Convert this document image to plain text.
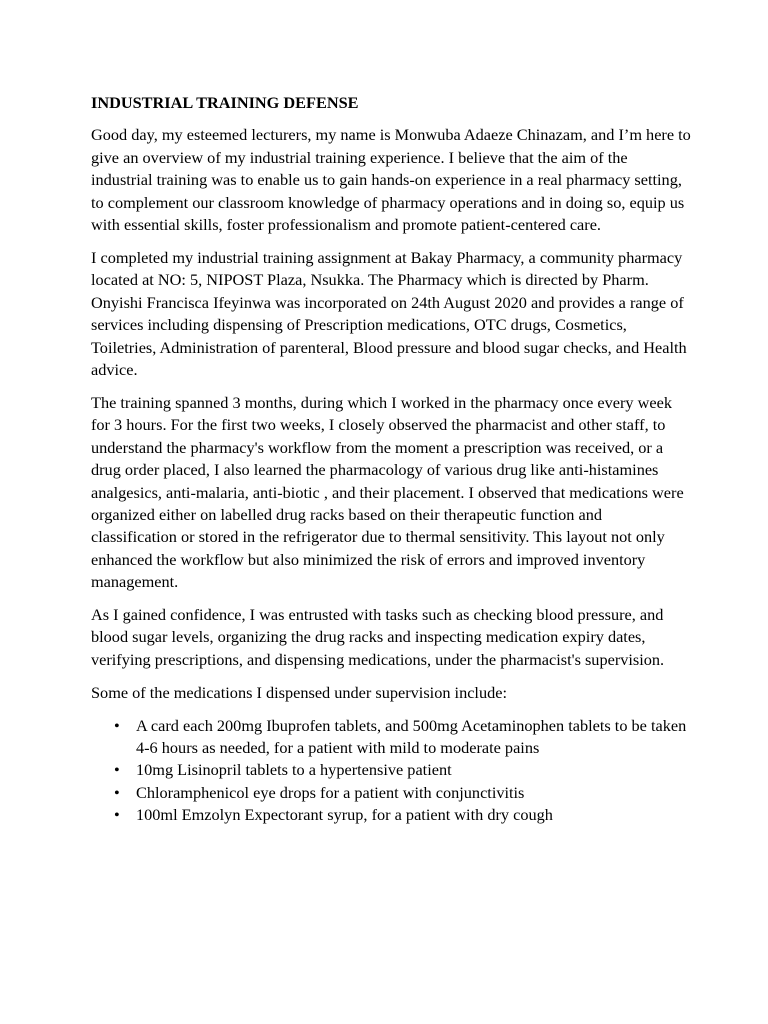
INDUSTRIAL TRAINING DEFENSE

Good day, my esteemed lecturers, my name is Monwuba Adaeze Chinazam, and I’m here to give an overview of my industrial training experience. I believe that the aim of the industrial training was to enable us to gain hands-on experience in a real pharmacy setting, to complement our classroom knowledge of pharmacy operations and in doing so, equip us with essential skills, foster professionalism and promote patient-centered care.

I completed my industrial training assignment at Bakay Pharmacy, a community pharmacy located at NO: 5, NIPOST Plaza, Nsukka. The Pharmacy which is directed by Pharm. Onyishi Francisca Ifeyinwa was incorporated on 24th August 2020 and provides a range of services including dispensing of Prescription medications, OTC drugs, Cosmetics, Toiletries, Administration of parenteral, Blood pressure and blood sugar checks, and Health advice.

The training spanned 3 months, during which I worked in the pharmacy once every week for 3 hours. For the first two weeks, I closely observed the pharmacist and other staff, to understand the pharmacy's workflow from the moment a prescription was received, or a drug order placed, I also learned the pharmacology of various drug like anti-histamines analgesics, anti-malaria, anti-biotic , and their placement. I observed that medications were organized either on labelled drug racks based on their therapeutic function and classification or stored in the refrigerator due to thermal sensitivity. This layout not only enhanced the workflow but also minimized the risk of errors and improved inventory management.

As I gained confidence, I was entrusted with tasks such as checking blood pressure, and blood sugar levels, organizing the drug racks and inspecting medication expiry dates, verifying prescriptions, and dispensing medications, under the pharmacist's supervision.

Some of the medications I dispensed under supervision include:

• A card each 200mg Ibuprofen tablets, and 500mg Acetaminophen tablets to be taken 4-6 hours as needed, for a patient with mild to moderate pains
• 10mg Lisinopril tablets to a hypertensive patient
• Chloramphenicol eye drops for a patient with conjunctivitis
• 100ml Emzolyn Expectorant syrup, for a patient with dry cough
